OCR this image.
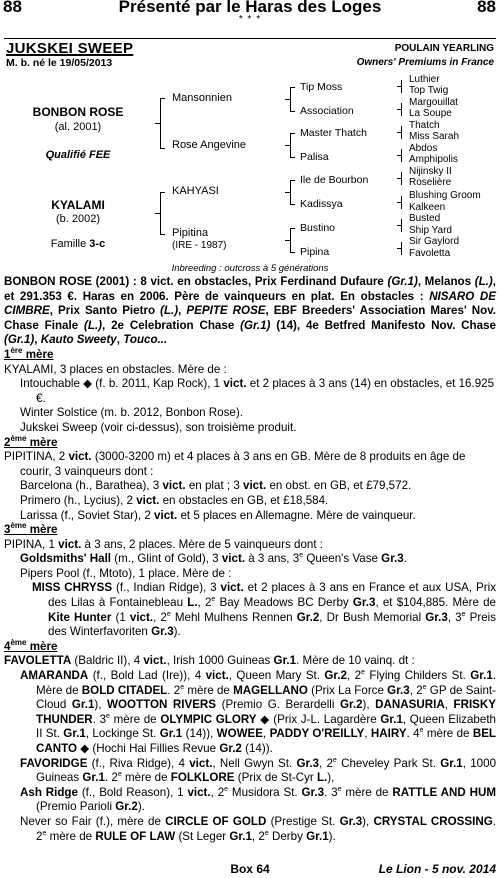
88	Présenté par le Haras des Loges	88
* * *
JUKSKEI SWEEP
M. b. né le 19/05/2013
POULAIN YEARLING
Owners' Premiums in France
BONBON ROSE
(al. 2001)
Qualifié FEE
KYALAMI
(b. 2002)
Famille 3-c
Mansonnien
Rose Angevine
KAHYASI
Pipitina
(IRE - 1987)
Tip Moss
Association
Master Thatch
Palisa
Ile de Bourbon
Kadissya
Bustino
Pipina
Luthier
Top Twig
Margouillat
La Soupe
Thatch
Miss Sarah
Abdos
Amphipolis
Nijinsky II
Roselière
Blushing Groom
Kalkeen
Busted
Ship Yard
Sir Gaylord
Favoletta
Inbreeding : outcross à 5 générations

BONBON ROSE (2001) : 8 vict. en obstacles, Prix Ferdinand Dufaure (Gr.1), Melanos (L.), et 291.353 €. Haras en 2006. Père de vainqueurs en plat. En obstacles : NISARO DE CIMBRE, Prix Santo Pietro (L.), PEPITE ROSE, EBF Breeders' Association Mares' Nov. Chase Finale (L.), 2e Celebration Chase (Gr.1) (14), 4e Betfred Manifesto Nov. Chase (Gr.1), Kauto Sweety, Touco...

1ère mère

KYALAMI, 3 places en obstacles. Mère de :

Intouchable ◆ (f. b. 2011, Kap Rock), 1 vict. et 2 places à 3 ans (14) en obstacles, et 16.925 €.

Winter Solstice (m. b. 2012, Bonbon Rose).

Jukskei Sweep (voir ci-dessus), son troisième produit.

2ème mère

PIPITINA, 2 vict. (3000-3200 m) et 4 places à 3 ans en GB. Mère de 8 produits en âge de courir, 3 vainqueurs dont :

Barcelona (h., Barathea), 3 vict. en plat ; 3 vict. en obst. en GB, et £79,572.

Primero (h., Lycius), 2 vict. en obstacles en GB, et £18,584.

Larissa (f., Soviet Star), 2 vict. et 5 places en Allemagne. Mère de vainqueur.

3ème mère

PIPINA, 1 vict. à 3 ans, 2 places. Mère de 5 vainqueurs dont :

Goldsmiths' Hall (m., Glint of Gold), 3 vict. à 3 ans, 3e Queen's Vase Gr.3.

Pipers Pool (f., Mtoto), 1 place. Mère de :

MISS CHRYSS (f., Indian Ridge), 3 vict. et 2 places à 3 ans en France et aux USA, Prix des Lilas à Fontainebleau L., 2e Bay Meadows BC Derby Gr.3, et $104,885. Mère de Kite Hunter (1 vict., 2e Mehl Mulhens Rennen Gr.2, Dr Bush Memorial Gr.3, 3e Preis des Winterfavoriten Gr.3).

4ème mère

FAVOLETTA (Baldric II), 4 vict., Irish 1000 Guineas Gr.1. Mère de 10 vainq. dt :

AMARANDA (f., Bold Lad (Ire)), 4 vict., Queen Mary St. Gr.2, 2e Flying Childers St. Gr.1. Mère de BOLD CITADEL. 2e mère de MAGELLANO (Prix La Force Gr.3, 2e GP de Saint-Cloud Gr.1), WOOTTON RIVERS (Premio G. Berardelli Gr.2), DANASURIA, FRISKY THUNDER. 3e mère de OLYMPIC GLORY ◆ (Prix J-L. Lagardère Gr.1, Queen Elizabeth II St. Gr.1, Lockinge St. Gr.1 (14)), WOWEE, PADDY O'REILLY, HAIRY. 4e mère de BEL CANTO ◆ (Hochi Hai Fillies Revue Gr.2 (14)).

FAVORIDGE (f., Riva Ridge), 4 vict., Nell Gwyn St. Gr.3, 2e Cheveley Park St. Gr.1, 1000 Guineas Gr.1. 2e mère de FOLKLORE (Prix de St-Cyr L.),

Ash Ridge (f., Bold Reason), 1 vict., 2e Musidora St. Gr.3. 3e mère de RATTLE AND HUM (Premio Parioli Gr.2).

Never so Fair (f.), mère de CIRCLE OF GOLD (Prestige St. Gr.3), CRYSTAL CROSSING. 2e mère de RULE OF LAW (St Leger Gr.1, 2e Derby Gr.1).

Box 64	Le Lion - 5 nov. 2014
